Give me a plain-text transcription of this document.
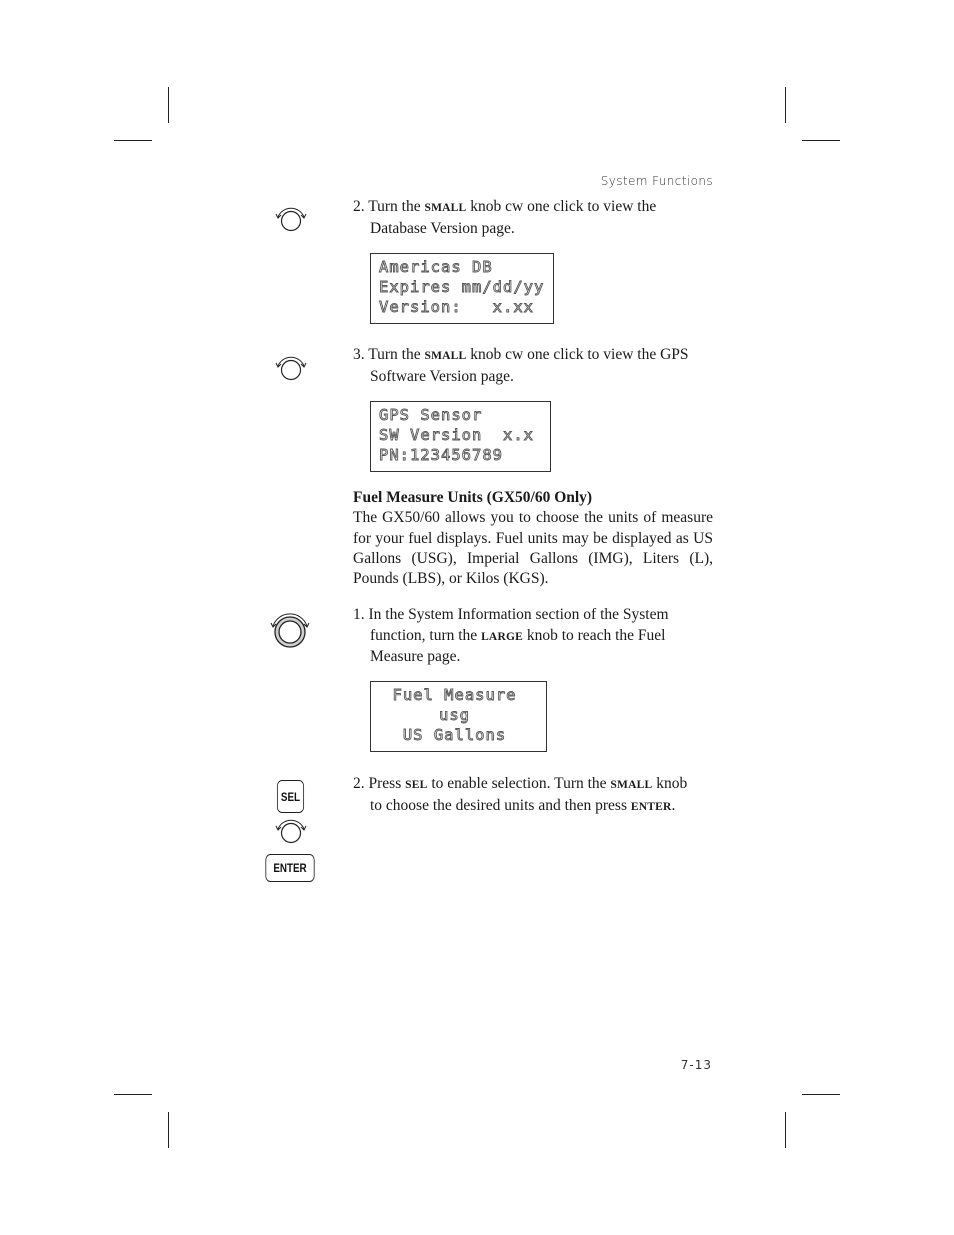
System Functions
2. Turn the SMALL knob cw one click to view the
Database Version page.
Americas DB
Expires mm/dd/yy
Version:   x.xx
3. Turn the SMALL knob cw one click to view the GPS
Software Version page.
GPS Sensor
SW Version  x.x
PN:123456789
Fuel Measure Units (GX50/60 Only)
The GX50/60 allows you to choose the units of measure for your fuel displays. Fuel units may be displayed as US Gallons (USG), Imperial Gallons (IMG), Liters (L), Pounds (LBS), or Kilos (KGS).
1. In the System Information section of the System
function, turn the LARGE knob to reach the Fuel
Measure page.
Fuel Measure
usg
US Gallons
SEL
ENTER
2. Press SEL to enable selection. Turn the SMALL knob
to choose the desired units and then press ENTER.
7-13
